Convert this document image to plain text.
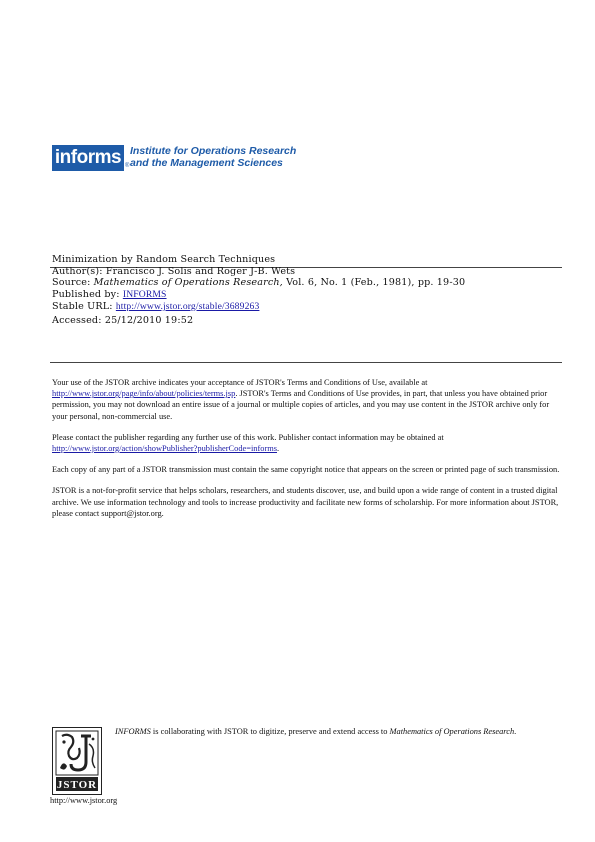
informs ®
Institute for Operations Research
and the Management Sciences
Minimization by Random Search Techniques
Author(s): Francisco J. Solis and Roger J-B. Wets
Source: Mathematics of Operations Research, Vol. 6, No. 1 (Feb., 1981), pp. 19-30
Published by: INFORMS
Stable URL: http://www.jstor.org/stable/3689263
Accessed: 25/12/2010 19:52

Your use of the JSTOR archive indicates your acceptance of JSTOR's Terms and Conditions of Use, available at
http://www.jstor.org/page/info/about/policies/terms.jsp. JSTOR's Terms and Conditions of Use provides, in part, that unless you have obtained prior permission, you may not download an entire issue of a journal or multiple copies of articles, and you may use content in the JSTOR archive only for your personal, non-commercial use.

Please contact the publisher regarding any further use of this work. Publisher contact information may be obtained at
http://www.jstor.org/action/showPublisher?publisherCode=informs.

Each copy of any part of a JSTOR transmission must contain the same copyright notice that appears on the screen or printed page of such transmission.

JSTOR is a not-for-profit service that helps scholars, researchers, and students discover, use, and build upon a wide range of content in a trusted digital archive. We use information technology and tools to increase productivity and facilitate new forms of scholarship. For more information about JSTOR, please contact support@jstor.org.

JSTOR
INFORMS is collaborating with JSTOR to digitize, preserve and extend access to Mathematics of Operations Research.
http://www.jstor.org
